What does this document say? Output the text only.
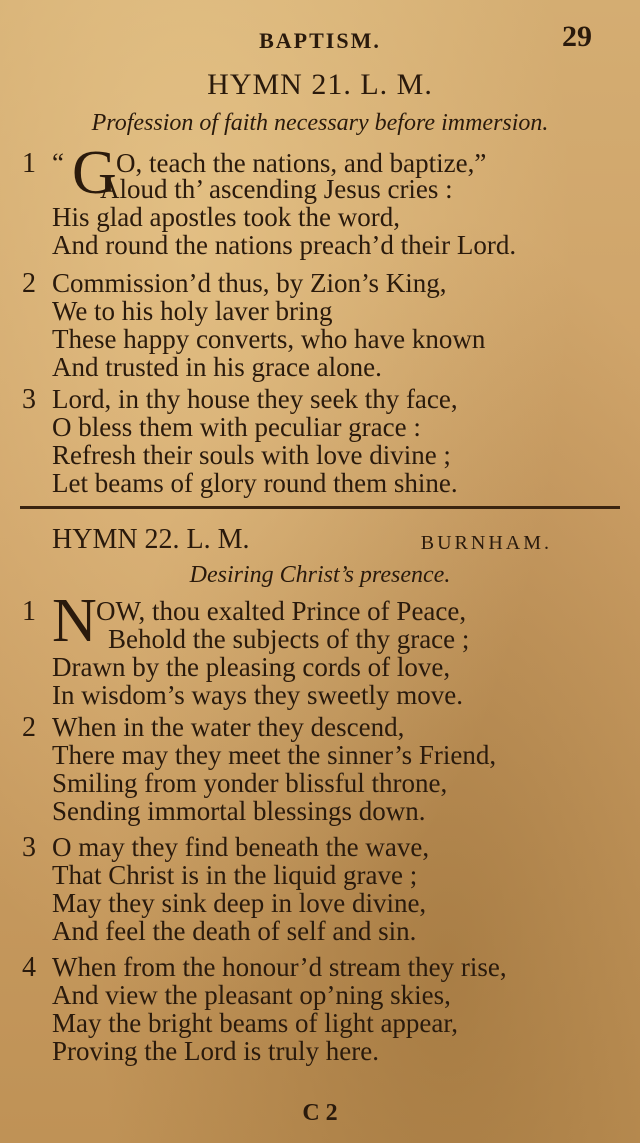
BAPTISM.	29
HYMN 21. L. M.
Profession of faith necessary before immersion.
1 “ G O, teach the nations, and baptize,”
Aloud th’ ascending Jesus cries :
His glad apostles took the word,
And round the nations preach’d their Lord.
2 Commission’d thus, by Zion’s King,
We to his holy laver bring
These happy converts, who have known
And trusted in his grace alone.
3 Lord, in thy house they seek thy face,
O bless them with peculiar grace :
Refresh their souls with love divine ;
Let beams of glory round them shine.
HYMN 22. L. M.	BURNHAM.
Desiring Christ’s presence.
1 N OW, thou exalted Prince of Peace,
Behold the subjects of thy grace ;
Drawn by the pleasing cords of love,
In wisdom’s ways they sweetly move.
2 When in the water they descend,
There may they meet the sinner’s Friend,
Smiling from yonder blissful throne,
Sending immortal blessings down.
3 O may they find beneath the wave,
That Christ is in the liquid grave ;
May they sink deep in love divine,
And feel the death of self and sin.
4 When from the honour’d stream they rise,
And view the pleasant op’ning skies,
May the bright beams of light appear,
Proving the Lord is truly here.
C 2
